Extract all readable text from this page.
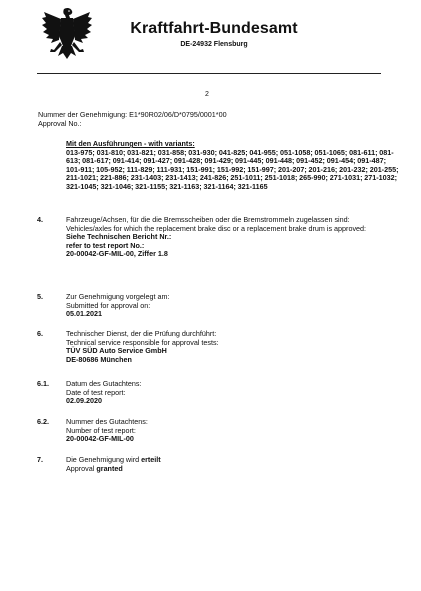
Kraftfahrt-Bundesamt
DE-24932 Flensburg
2
Nummer der Genehmigung: E1*90R02/06/D*0795/0001*00
Approval No.:
Mit den Ausführungen - with variants:
013-975; 031-810; 031-821; 031-858; 031-930; 041-825; 041-955; 051-1058; 051-1065; 081-611; 081-613; 081-617; 091-414; 091-427; 091-428; 091-429; 091-445; 091-448; 091-452; 091-454; 091-487; 101-911; 105-952; 111-829; 111-931; 151-991; 151-992; 151-997; 201-207; 201-216; 201-232; 201-255; 211-1021; 221-886; 231-1403; 231-1413; 241-826; 251-1011; 251-1018; 265-990; 271-1031; 271-1032; 321-1045; 321-1046; 321-1155; 321-1163; 321-1164; 321-1165
4.	Fahrzeuge/Achsen, für die die Bremsscheiben oder die Bremstrommeln zugelassen sind:
Vehicles/axles for which the replacement brake disc or a replacement brake drum is approved:
Siehe Technischen Bericht Nr.:
refer to test report No.:
20-00042-GF-MIL-00, Ziffer 1.8
5.	Zur Genehmigung vorgelegt am:
Submitted for approval on:
05.01.2021
6.	Technischer Dienst, der die Prüfung durchführt:
Technical service responsible for approval tests:
TÜV SÜD Auto Service GmbH
DE-80686 München
6.1. Datum des Gutachtens:
Date of test report:
02.09.2020
6.2. Nummer des Gutachtens:
Number of test report:
20-00042-GF-MIL-00
7.	Die Genehmigung wird erteilt
Approval granted
